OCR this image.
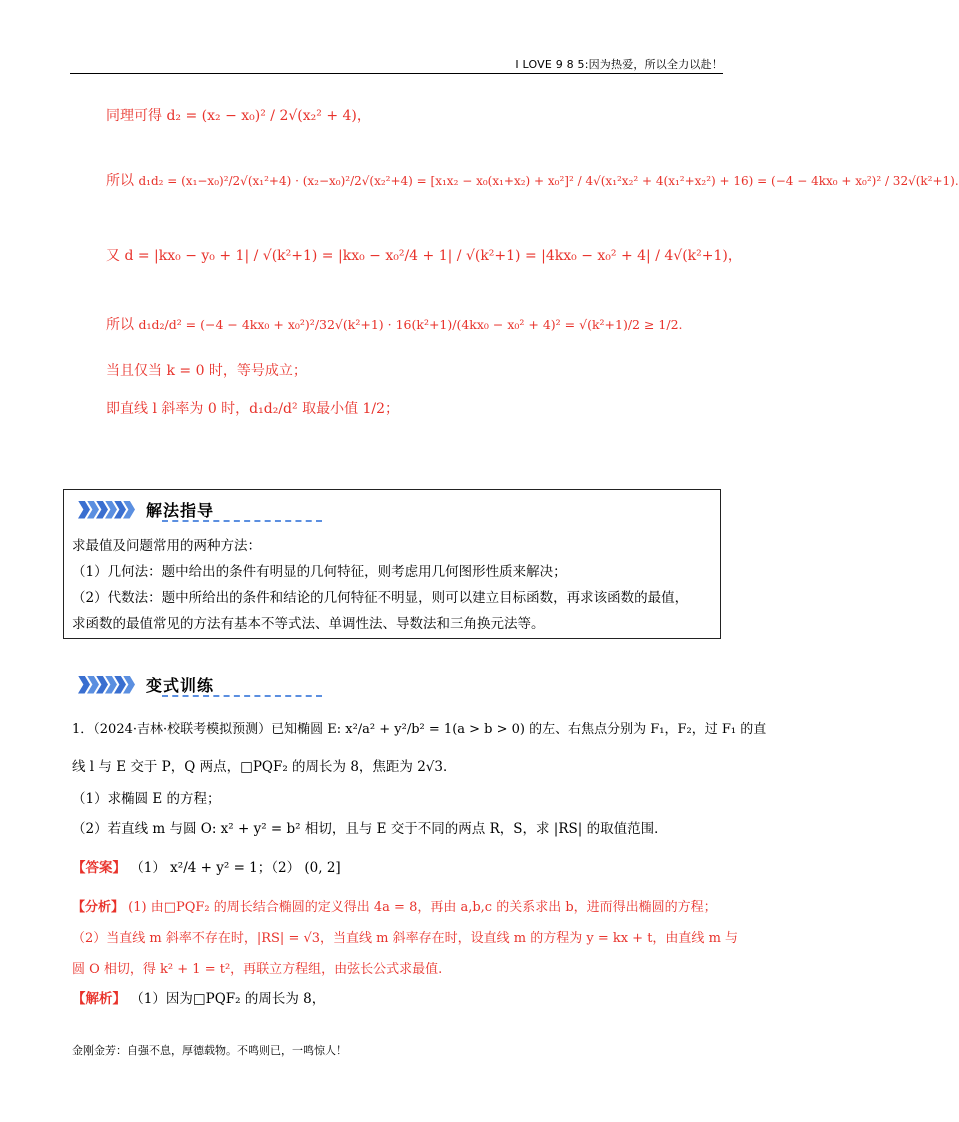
I LOVE 9 8 5:因为热爱，所以全力以赴！
同理可得 d₂ = (x₂ − x₀)² / 2√(x₂² + 4)，
所以 d₁d₂ = (x₁−x₀)²/2√(x₁²+4) · (x₂−x₀)²/2√(x₂²+4) = [x₁x₂ − x₀(x₁+x₂) + x₀²]² / 4√(x₁²x₂² + 4(x₁²+x₂²) + 16) = (−4 − 4kx₀ + x₀²)² / 32√(k²+1).
又 d = |kx₀ − y₀ + 1| / √(k²+1) = |kx₀ − x₀²/4 + 1| / √(k²+1) = |4kx₀ − x₀² + 4| / 4√(k²+1)，
所以 d₁d₂/d² = (−4 − 4kx₀ + x₀²)²/32√(k²+1) · 16(k²+1)/(4kx₀ − x₀² + 4)² = √(k²+1)/2 ≥ 1/2.
当且仅当 k = 0 时，等号成立；
即直线 l 斜率为 0 时，d₁d₂/d² 取最小值 1/2；
解法指导
求最值及问题常用的两种方法：
（1）几何法：题中给出的条件有明显的几何特征，则考虑用几何图形性质来解决；
（2）代数法：题中所给出的条件和结论的几何特征不明显，则可以建立目标函数，再求该函数的最值，
求函数的最值常见的方法有基本不等式法、单调性法、导数法和三角换元法等。
变式训练
1．（2024·吉林·校联考模拟预测）已知椭圆 E: x²/a² + y²/b² = 1(a > b > 0) 的左、右焦点分别为 F₁，F₂，过 F₁ 的直
线 l 与 E 交于 P，Q 两点，□PQF₂ 的周长为 8，焦距为 2√3．
（1）求椭圆 E 的方程；
（2）若直线 m 与圆 O: x² + y² = b² 相切，且与 E 交于不同的两点 R，S，求 |RS| 的取值范围．
【答案】 （1） x²/4 + y² = 1；（2） (0, 2]
【分析】 (1) 由□PQF₂ 的周长结合椭圆的定义得出 4a = 8，再由 a,b,c 的关系求出 b，进而得出椭圆的方程；
（2）当直线 m 斜率不存在时，|RS| = √3，当直线 m 斜率存在时，设直线 m 的方程为 y = kx + t，由直线 m 与
圆 O 相切，得 k² + 1 = t²，再联立方程组，由弦长公式求最值.
【解析】 （1）因为□PQF₂ 的周长为 8，
金刚金芳：自强不息，厚德载物。不鸣则已，一鸣惊人！
